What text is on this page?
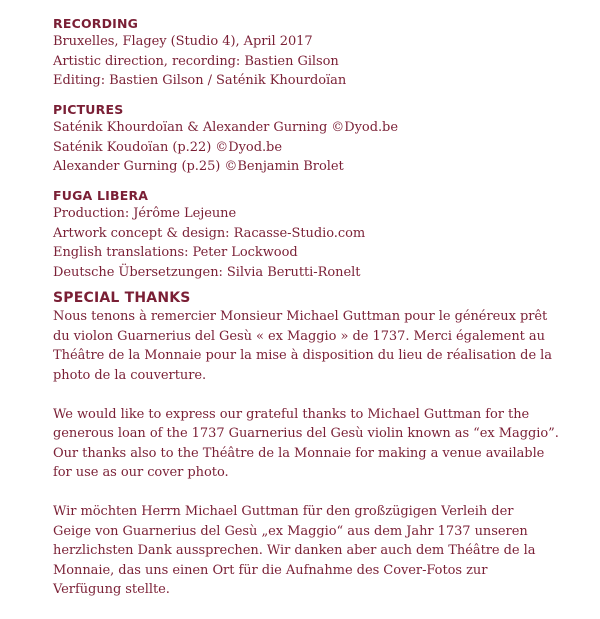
RECORDING
Bruxelles, Flagey (Studio 4), April 2017
Artistic direction, recording: Bastien Gilson
Editing: Bastien Gilson / Saténik Khourdoïan
PICTURES
Saténik Khourdoïan & Alexander Gurning ©Dyod.be
Saténik Koudoïan (p.22) ©Dyod.be
Alexander Gurning (p.25) ©Benjamin Brolet
FUGA LIBERA
Production: Jérôme Lejeune
Artwork concept & design: Racasse-Studio.com
English translations: Peter Lockwood
Deutsche Übersetzungen: Silvia Berutti-Ronelt
SPECIAL THANKS
Nous tenons à remercier Monsieur Michael Guttman pour le généreux prêt
du violon Guarnerius del Gesù « ex Maggio » de 1737. Merci également au
Théâtre de la Monnaie pour la mise à disposition du lieu de réalisation de la
photo de la couverture.
We would like to express our grateful thanks to Michael Guttman for the
generous loan of the 1737 Guarnerius del Gesù violin known as “ex Maggio”.
Our thanks also to the Théâtre de la Monnaie for making a venue available
for use as our cover photo.
Wir möchten Herrn Michael Guttman für den großzügigen Verleih der
Geige von Guarnerius del Gesù „ex Maggio“ aus dem Jahr 1737 unseren
herzlichsten Dank aussprechen. Wir danken aber auch dem Théâtre de la
Monnaie, das uns einen Ort für die Aufnahme des Cover-Fotos zur
Verfügung stellte.
